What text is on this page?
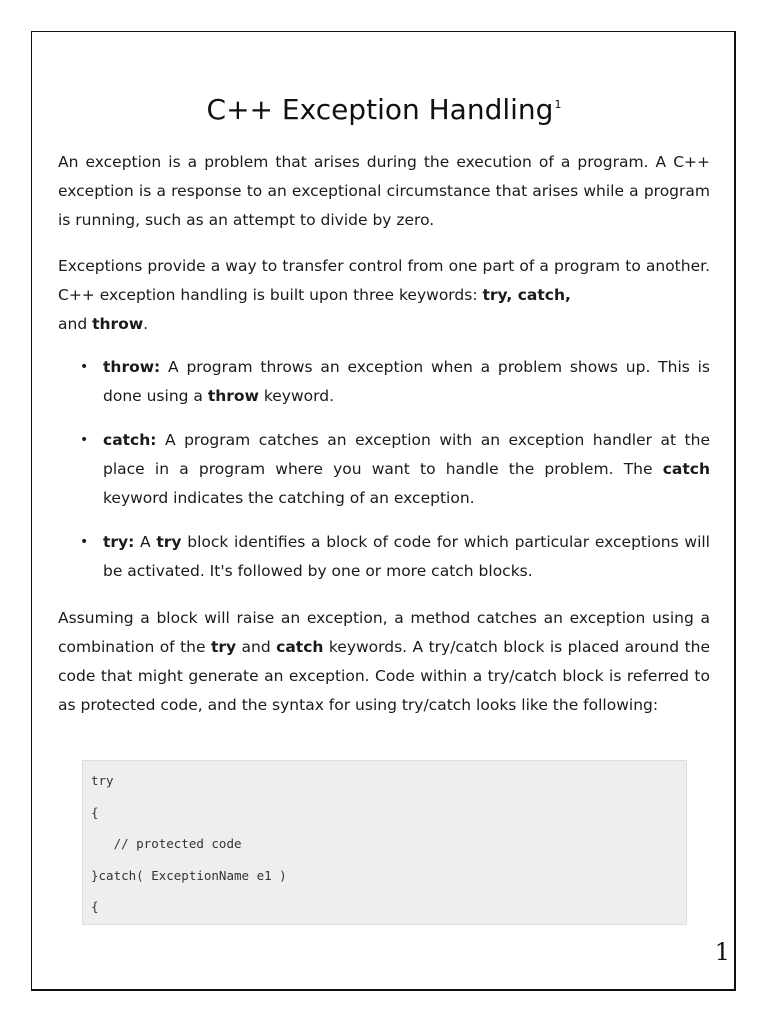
C++ Exception Handling$^1$

An exception is a problem that arises during the execution of a program. A C++ exception is a response to an exceptional circumstance that arises while a program is running, such as an attempt to divide by zero.

Exceptions provide a way to transfer control from one part of a program to another. C++ exception handling is built upon three keywords: try, catch,
and throw.

• throw: A program throws an exception when a problem shows up. This is done using a throw keyword.
• catch: A program catches an exception with an exception handler at the place in a program where you want to handle the problem. The catch keyword indicates the catching of an exception.
• try: A try block identifies a block of code for which particular exceptions will be activated. It's followed by one or more catch blocks.

Assuming a block will raise an exception, a method catches an exception using a combination of the try and catch keywords. A try/catch block is placed around the code that might generate an exception. Code within a try/catch block is referred to as protected code, and the syntax for using try/catch looks like the following:

try
{
// protected code
}catch( ExceptionName e1 )
{
1
